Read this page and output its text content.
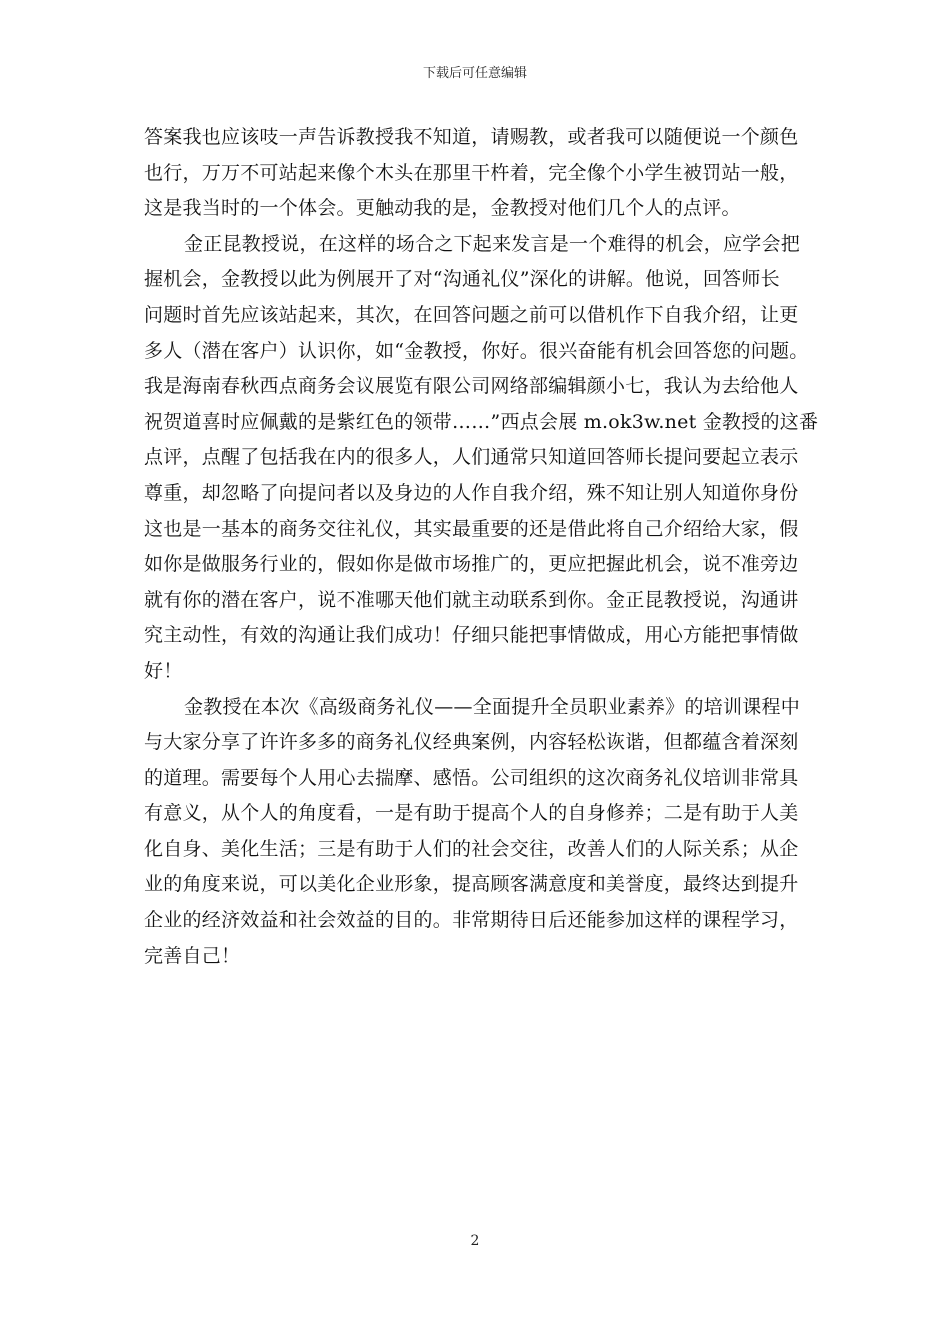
下载后可任意编辑
答案我也应该吱一声告诉教授我不知道，请赐教，或者我可以随便说一个颜色
也行，万万不可站起来像个木头在那里干杵着，完全像个小学生被罚站一般，
这是我当时的一个体会。更触动我的是，金教授对他们几个人的点评。
金正昆教授说，在这样的场合之下起来发言是一个难得的机会，应学会把
握机会，金教授以此为例展开了对“沟通礼仪”深化的讲解。他说，回答师长
问题时首先应该站起来，其次，在回答问题之前可以借机作下自我介绍，让更
多人（潜在客户）认识你，如“金教授，你好。很兴奋能有机会回答您的问题。
我是海南春秋西点商务会议展览有限公司网络部编辑颜小七，我认为去给他人
祝贺道喜时应佩戴的是紫红色的领带……”西点会展 m.ok3w.net 金教授的这番
点评，点醒了包括我在内的很多人，人们通常只知道回答师长提问要起立表示
尊重，却忽略了向提问者以及身边的人作自我介绍，殊不知让别人知道你身份
这也是一基本的商务交往礼仪，其实最重要的还是借此将自己介绍给大家，假
如你是做服务行业的，假如你是做市场推广的，更应把握此机会，说不准旁边
就有你的潜在客户，说不准哪天他们就主动联系到你。金正昆教授说，沟通讲
究主动性，有效的沟通让我们成功！仔细只能把事情做成，用心方能把事情做
好！
金教授在本次《高级商务礼仪——全面提升全员职业素养》的培训课程中
与大家分享了许许多多的商务礼仪经典案例，内容轻松诙谐，但都蕴含着深刻
的道理。需要每个人用心去揣摩、感悟。公司组织的这次商务礼仪培训非常具
有意义，从个人的角度看，一是有助于提高个人的自身修养；二是有助于人美
化自身、美化生活；三是有助于人们的社会交往，改善人们的人际关系；从企
业的角度来说，可以美化企业形象，提高顾客满意度和美誉度，最终达到提升
企业的经济效益和社会效益的目的。非常期待日后还能参加这样的课程学习，
完善自己！
2
